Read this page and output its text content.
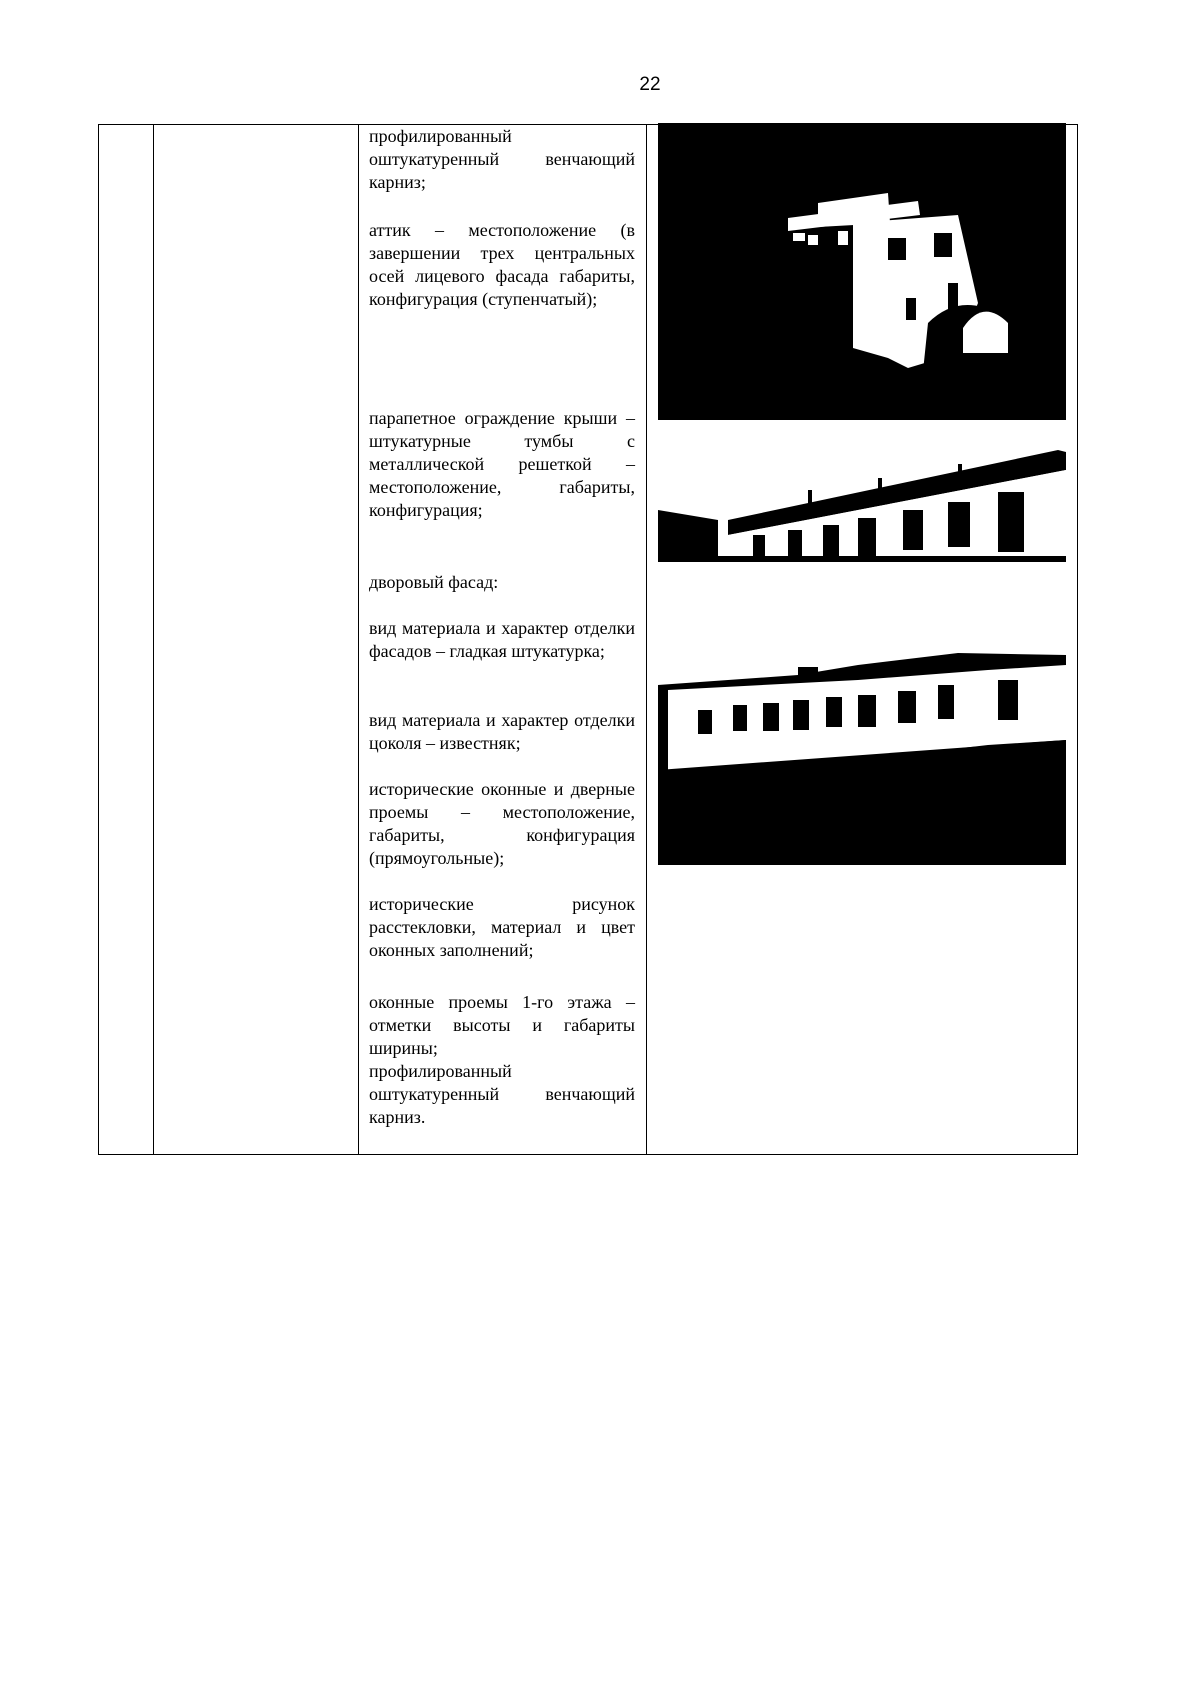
22

профилированный оштукатуренный венчающий карниз;

аттик – местоположение (в завершении трех центральных осей лицевого фасада габариты, конфигурация (ступенчатый);

парапетное ограждение крыши – штукатурные тумбы с металлической решеткой – местоположение, габариты, конфигурация;

дворовый фасад:

вид материала и характер отделки фасадов – гладкая штукатурка;

вид материала и характер отделки цоколя – известняк;

исторические оконные и дверные проемы – местоположение, габариты, конфигурация (прямоугольные);

исторические рисунок расстекловки, материал и цвет оконных заполнений;

оконные проемы 1-го этажа – отметки высоты и габариты ширины;

профилированный оштукатуренный венчающий карниз.
